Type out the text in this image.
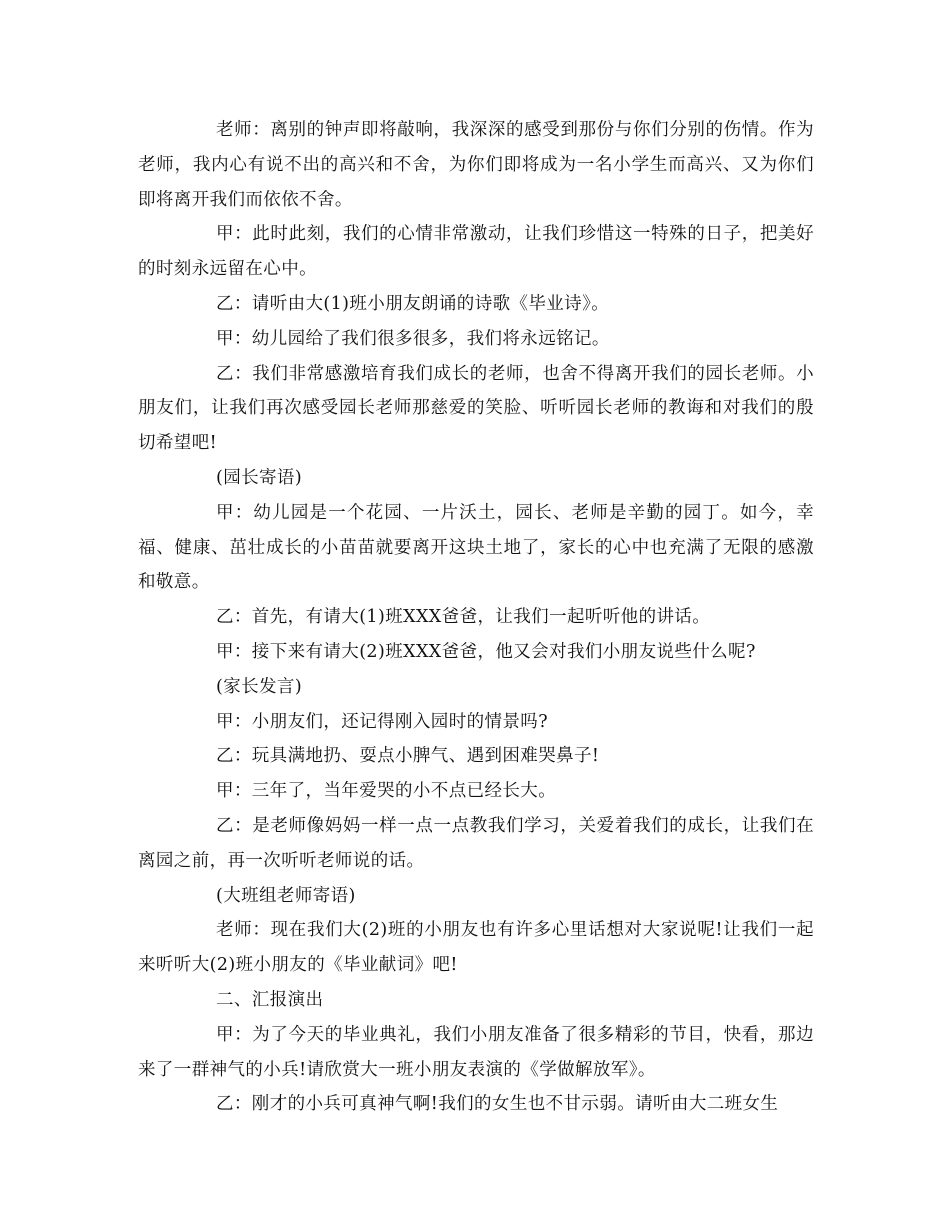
老师：离别的钟声即将敲响，我深深的感受到那份与你们分别的伤情。作为老师，我内心有说不出的高兴和不舍，为你们即将成为一名小学生而高兴、又为你们即将离开我们而依依不舍。

甲：此时此刻，我们的心情非常激动，让我们珍惜这一特殊的日子，把美好的时刻永远留在心中。

乙：请听由大(1)班小朋友朗诵的诗歌《毕业诗》。

甲：幼儿园给了我们很多很多，我们将永远铭记。

乙：我们非常感激培育我们成长的老师，也舍不得离开我们的园长老师。小朋友们，让我们再次感受园长老师那慈爱的笑脸、听听园长老师的教诲和对我们的殷切希望吧!

(园长寄语)

甲：幼儿园是一个花园、一片沃土，园长、老师是辛勤的园丁。如今，幸福、健康、茁壮成长的小苗苗就要离开这块土地了，家长的心中也充满了无限的感激和敬意。

乙：首先，有请大(1)班XXX爸爸，让我们一起听听他的讲话。

甲：接下来有请大(2)班XXX爸爸，他又会对我们小朋友说些什么呢?

(家长发言)

甲：小朋友们，还记得刚入园时的情景吗?

乙：玩具满地扔、耍点小脾气、遇到困难哭鼻子!

甲：三年了，当年爱哭的小不点已经长大。

乙：是老师像妈妈一样一点一点教我们学习，关爱着我们的成长，让我们在离园之前，再一次听听老师说的话。

(大班组老师寄语)

老师：现在我们大(2)班的小朋友也有许多心里话想对大家说呢!让我们一起来听听大(2)班小朋友的《毕业献词》吧!

二、汇报演出

甲：为了今天的毕业典礼，我们小朋友准备了很多精彩的节目，快看，那边来了一群神气的小兵!请欣赏大一班小朋友表演的《学做解放军》。

乙：刚才的小兵可真神气啊!我们的女生也不甘示弱。请听由大二班女生
